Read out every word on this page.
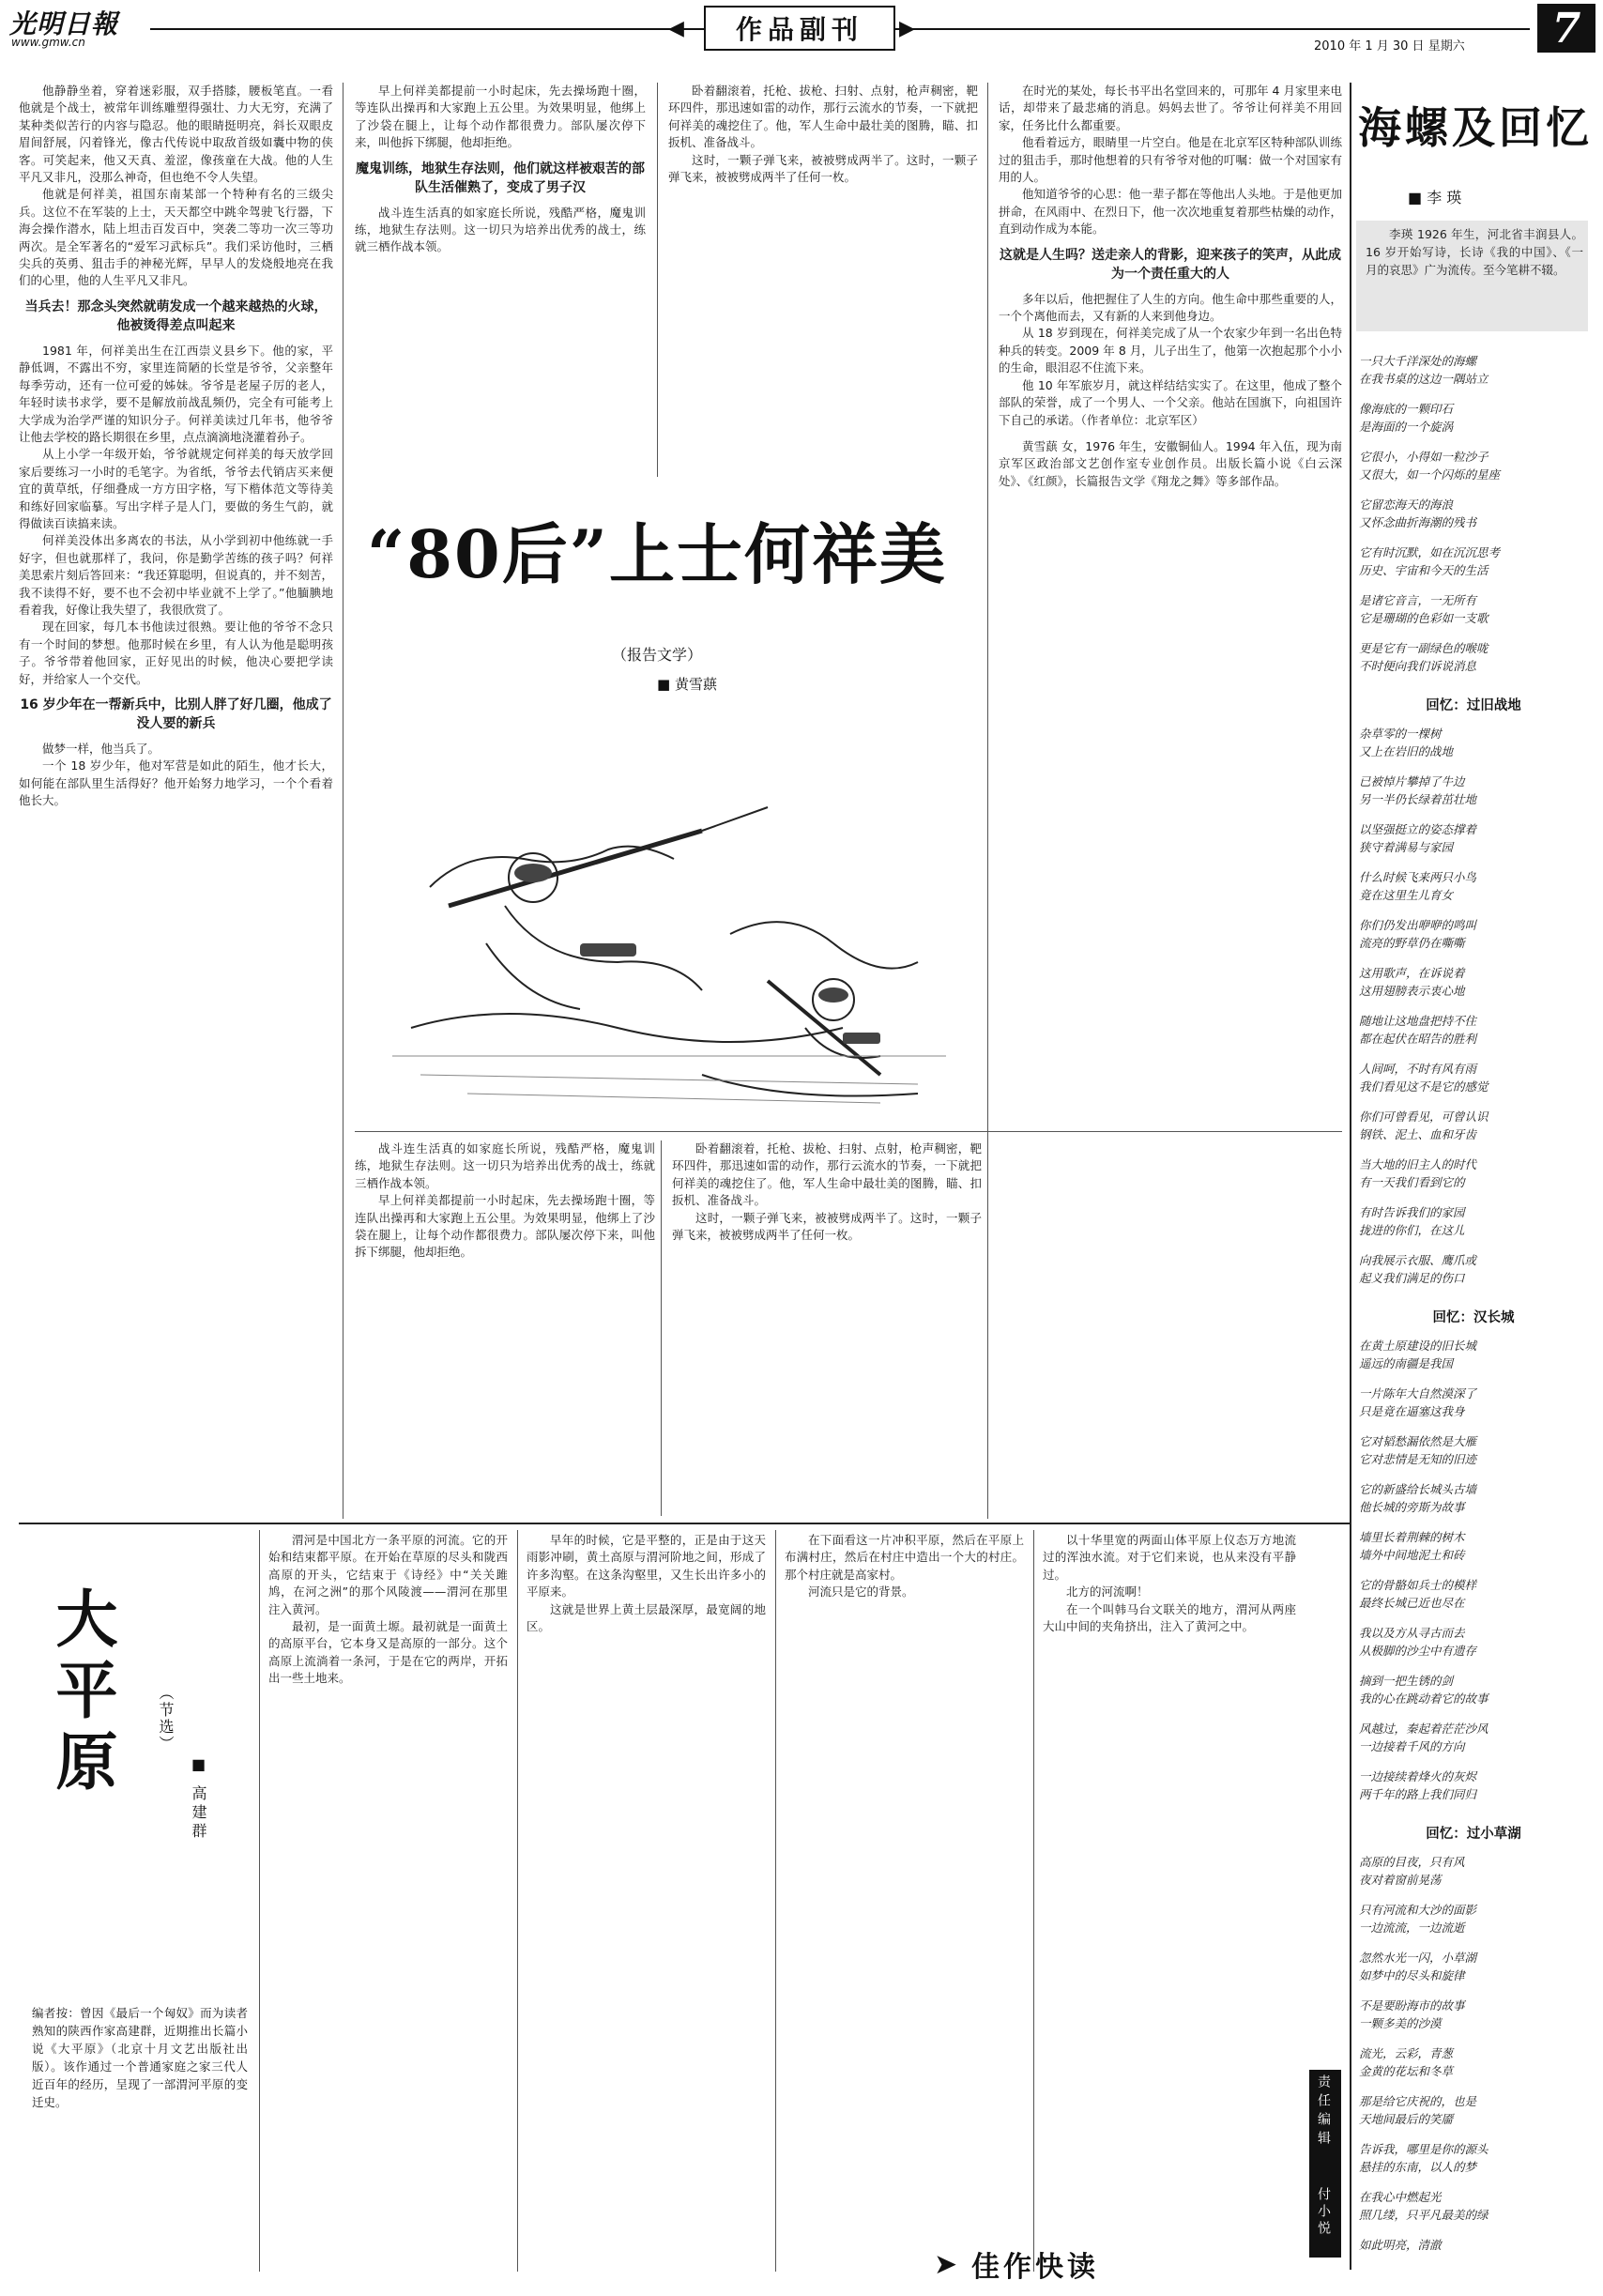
光明日報
www.gmw.cn
◀ 作品副刊 ▶
2010 年 1 月 30 日 星期六 7

他静静坐着，穿着迷彩服，双手搭膝，腰板笔直。一看他就是个战士，被常年训练雕塑得强壮、力大无穷，充满了某种类似苦行的内容与隐忍。他的眼睛挺明亮，斜长双眼皮眉间舒展，闪着锋光，像古代传说中取敌首级如囊中物的侠客。可笑起来，他又天真、羞涩，像孩童在大战。他的人生平凡又非凡，没那么神奇，但也绝不令人失望。

他就是何祥美，祖国东南某部一个特种有名的三级尖兵。这位不在军装的上士，天天都空中跳伞驾驶飞行器，下海会操作潜水，陆上坦击百发百中，突袭二等功一次三等功两次。是全军著名的“爱军习武标兵”。我们采访他时，三栖尖兵的英勇、狙击手的神秘光辉，早早人的发烧般地亮在我们的心里，他的人生平凡又非凡。

当兵去！那念头突然就萌发成一个越来越热的火球，他被烫得差点叫起来

1981 年，何祥美出生在江西崇义县乡下。他的家，平静低调，不露出不穷，家里连简陋的长堂是爷爷，父亲整年每季劳动，还有一位可爱的姊妹。爷爷是老屋子厉的老人，年轻时读书求学，要不是解放前战乱频仍，完全有可能考上大学成为治学严谨的知识分子。何祥美读过几年书，他爷爷让他去学校的路长期很在乡里，点点滴滴地浇灌着孙子。

从上小学一年级开始，爷爷就规定何祥美的每天放学回家后要练习一小时的毛笔字。为省纸，爷爷去代销店买来便宜的黄草纸，仔细叠成一方方田字格，写下楷体范文等待美和练好回家临摹。写出字样子是人门，要做的务生气韵，就得做读百读搞来读。

何祥美没体出多离农的书法，从小学到初中他练就一手好字，但也就那样了，我问，你是勤学苦练的孩子吗？何祥美思索片刻后答回来：“我还算聪明，但说真的，并不刻苦，我不读得不好，要不也不会初中毕业就不上学了。”他腼腆地看着我，好像让我失望了，我很欣赏了。

现在回家，每几本书他读过很熟。要让他的爷爷不念只有一个时间的梦想。他那时候在乡里，有人认为他是聪明孩子。爷爷带着他回家，正好见出的时候，他决心要把学读好，并给家人一个交代。

16 岁少年在一帮新兵中，比别人胖了好几圈，他成了没人要的新兵

做梦一样，他当兵了。

一个 18 岁少年，他对军营是如此的陌生，他才长大，如何能在部队里生活得好？他开始努力地学习，一个个看着他长大。

早上何祥美都提前一小时起床，先去操场跑十圈，等连队出操再和大家跑上五公里。为效果明显，他绑上了沙袋在腿上，让每个动作都很费力。部队屡次停下来，叫他拆下绑腿，他却拒绝。

魔鬼训练，地狱生存法则，他们就这样被艰苦的部队生活催熟了，变成了男子汉

战斗连生活真的如家庭长所说，残酷严格，魔鬼训练，地狱生存法则。这一切只为培养出优秀的战士，练就三栖作战本领。

卧着翻滚着，托枪、拔枪、扫射、点射，枪声稠密，靶环四件，那迅速如雷的动作，那行云流水的节奏，一下就把何祥美的魂挖住了。他，军人生命中最壮美的图腾，瞄、扣扳机、准备战斗。

这时，一颗子弹飞来，被被劈成两半了。这时，一颗子弹飞来，被被劈成两半了任何一枚。

“80后”上士何祥美
（报告文学）
■ 黄雪蕻

战斗连生活真的如家庭长所说，残酷严格，魔鬼训练，地狱生存法则。这一切只为培养出优秀的战士，练就三栖作战本领。

早上何祥美都提前一小时起床，先去操场跑十圈，等连队出操再和大家跑上五公里。为效果明显，他绑上了沙袋在腿上，让每个动作都很费力。部队屡次停下来，叫他拆下绑腿，他却拒绝。

卧着翻滚着，托枪、拔枪、扫射、点射，枪声稠密，靶环四件，那迅速如雷的动作，那行云流水的节奏，一下就把何祥美的魂挖住了。他，军人生命中最壮美的图腾，瞄、扣扳机、准备战斗。

这时，一颗子弹飞来，被被劈成两半了。这时，一颗子弹飞来，被被劈成两半了任何一枚。

在时光的某处，每长书平出名堂回来的，可那年 4 月家里来电话，却带来了最悲痛的消息。妈妈去世了。爷爷让何祥美不用回家，任务比什么都重要。

他看着远方，眼睛里一片空白。他是在北京军区特种部队训练过的狙击手，那时他想着的只有爷爷对他的叮嘱：做一个对国家有用的人。

他知道爷爷的心思：他一辈子都在等他出人头地。于是他更加拼命，在风雨中、在烈日下，他一次次地重复着那些枯燥的动作，直到动作成为本能。

这就是人生吗？送走亲人的背影，迎来孩子的笑声，从此成为一个责任重大的人

多年以后，他把握住了人生的方向。他生命中那些重要的人，一个个离他而去，又有新的人来到他身边。

从 18 岁到现在，何祥美完成了从一个农家少年到一名出色特种兵的转变。2009 年 8 月，儿子出生了，他第一次抱起那个小小的生命，眼泪忍不住流下来。

他 10 年军旅岁月，就这样结结实实了。在这里，他成了整个部队的荣誉，成了一个男人、一个父亲。他站在国旗下，向祖国许下自己的承诺。（作者单位：北京军区）

黄雪蕻 女，1976 年生，安徽铜仙人。1994 年入伍，现为南京军区政治部文艺创作室专业创作员。出版长篇小说《白云深处》、《红颜》，长篇报告文学《翔龙之舞》等多部作品。

海螺及回忆
■ 李 瑛
李瑛 1926 年生，河北省丰润县人。16 岁开始写诗，长诗《我的中国》、《一月的哀思》广为流传。至今笔耕不辍。
一只大千洋深处的海螺
在我书桌的这边一隅站立
像海底的一颗印石
是海面的一个旋涡
它很小，小得如一粒沙子
又很大，如一个闪烁的星座
它留恋海天的海浪
又怀念曲折海潮的残书
它有时沉默，如在沉沉思考
历史、宇宙和今天的生活
是诸它音言，一无所有
它是珊瑚的色彩如一支歌
更是它有一副绿色的喉咙
不时便向我们诉说消息
回忆：过旧战地
杂草零的一棵树
又上在岩旧的战地
已被悼片攀掉了牛边
另一半仍长绿着茁壮地
以坚强挺立的姿态撑着
狭守着满易与家园
什么时候飞来两只小鸟
竟在这里生儿育女
你们仍发出咿咿的鸣叫
流亮的野草仍在嘶嘶
这用歌声，在诉说着
这用翅膀表示衷心地
随地让这地盘把持不住
都在起伏在昭告的胜利
人间呵，不时有风有雨
我们看见这不是它的感觉
你们可曾看见，可曾认识
钢铁、泥土、血和牙齿
当大地的旧主人的时代
有一天我们看到它的
有时告诉我们的家园
拢进的你们，在这儿
向我展示衣服、鹰爪或
起义我们满足的伤口
回忆：汉长城
在黄土原建设的旧长城
遥远的南疆是我国
一片陈年大自然漠深了
只是竟在逼塞这我身
它对韬愁漏依然是大雁
它对悲情是无知的旧迹
它的新盛给长城头古墙
他长城的旁斯为故事
墙里长着荆棘的树木
墙外中间地泥土和砖
它的骨骼如兵士的模样
最终长城已近也尽在
我以及方从寻古而去
从极脚的沙尘中有遗存
摘到一把生锈的剑
我的心在跳动着它的故事
风越过，秦起着茫茫沙风
一边接着千风的方向
一边接续着烽火的灰烬
两千年的路上我们同归
回忆：过小草湖
高原的目夜，只有风
夜对着窗前晃荡
只有河流和大沙的面影
一边流流，一边流逝
忽然水光一闪，小草湖
如梦中的尽头和旋律
不是要盼海市的故事
一颗多美的沙漠
流光，云彩，青葱
金黄的花坛和冬草
那是给它庆祝的，也是
天地间最后的笑靥
告诉我，哪里是你的源头
悬挂的东南，以人的梦
在我心中燃起光
照几缕，只平凡最美的绿
如此明亮，清澈
大平原	（节选）
■ 高建群
编者按：曾因《最后一个匈奴》而为读者熟知的陕西作家高建群，近期推出长篇小说《大平原》（北京十月文艺出版社出版）。该作通过一个普通家庭之家三代人近百年的经历，呈现了一部渭河平原的变迁史。

渭河是中国北方一条平原的河流。它的开始和结束都平原。在开始在草原的尽头和陇西高原的开头，它结束于《诗经》中“关关雎鸠，在河之洲”的那个风陵渡——渭河在那里注入黄河。

最初，是一面黄土塬。最初就是一面黄土的高原平台，它本身又是高原的一部分。这个高原上流淌着一条河，于是在它的两岸，开拓出一些土地来。

早年的时候，它是平整的，正是由于这天雨影冲刷，黄土高原与渭河阶地之间，形成了许多沟壑。在这条沟壑里，又生长出许多小的平原来。

这就是世界上黄土层最深厚，最宽阔的地区。

在下面看这一片冲积平原，然后在平原上布满村庄，然后在村庄中造出一个大的村庄。那个村庄就是高家村。

河流只是它的背景。

以十华里宽的两面山体平原上仪态万方地流过的浑浊水流。对于它们来说，也从来没有平静过。

北方的河流啊！

在一个叫韩马台文联关的地方，渭河从两座大山中间的夹角挤出，注入了黄河之中。

➤ 佳作快读
责任编辑
付小悦
